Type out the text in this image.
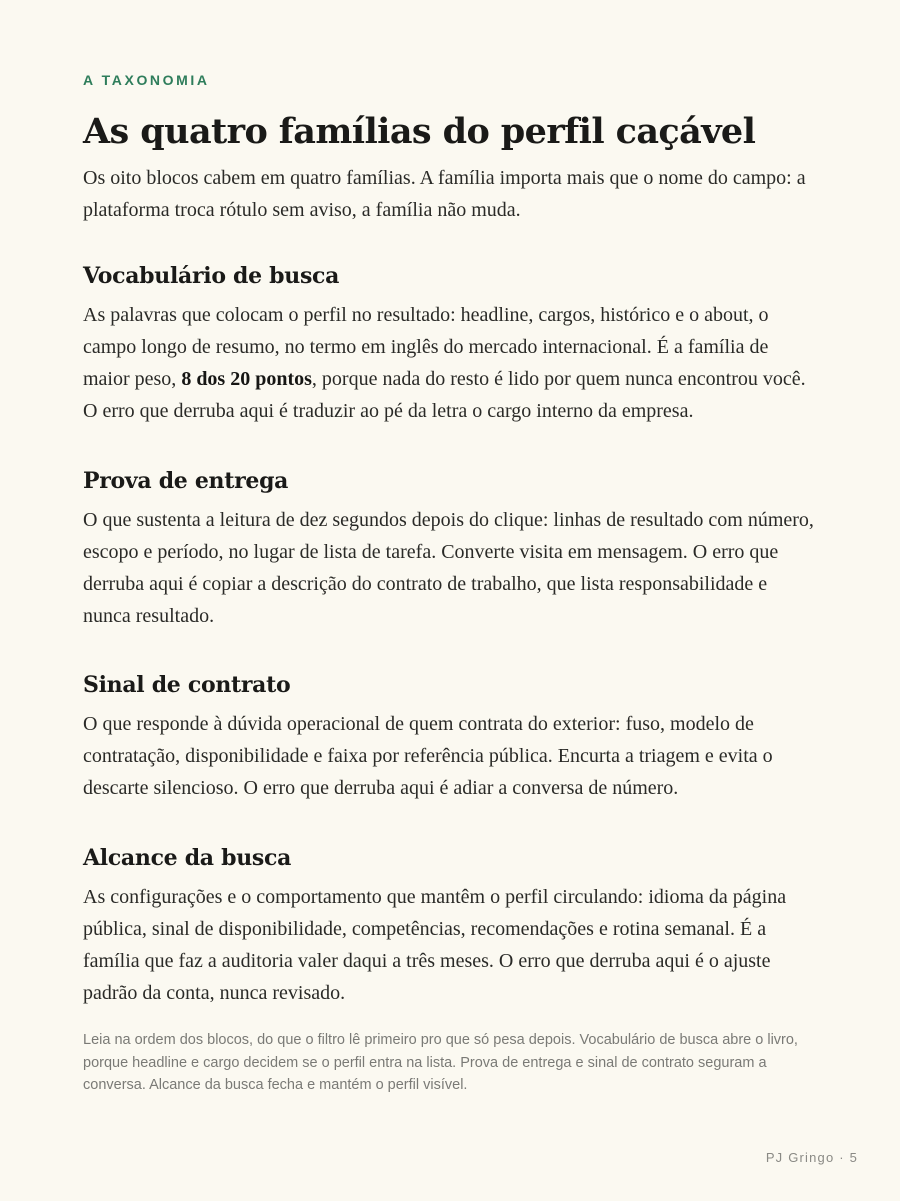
A TAXONOMIA
As quatro famílias do perfil caçável

Os oito blocos cabem em quatro famílias. A família importa mais que o nome do campo: a plataforma troca rótulo sem aviso, a família não muda.

Vocabulário de busca

As palavras que colocam o perfil no resultado: headline, cargos, histórico e o about, o campo longo de resumo, no termo em inglês do mercado internacional. É a família de maior peso, 8 dos 20 pontos, porque nada do resto é lido por quem nunca encontrou você. O erro que derruba aqui é traduzir ao pé da letra o cargo interno da empresa.

Prova de entrega

O que sustenta a leitura de dez segundos depois do clique: linhas de resultado com número, escopo e período, no lugar de lista de tarefa. Converte visita em mensagem. O erro que derruba aqui é copiar a descrição do contrato de trabalho, que lista responsabilidade e nunca resultado.

Sinal de contrato

O que responde à dúvida operacional de quem contrata do exterior: fuso, modelo de contratação, disponibilidade e faixa por referência pública. Encurta a triagem e evita o descarte silencioso. O erro que derruba aqui é adiar a conversa de número.

Alcance da busca

As configurações e o comportamento que mantêm o perfil circulando: idioma da página pública, sinal de disponibilidade, competências, recomendações e rotina semanal. É a família que faz a auditoria valer daqui a três meses. O erro que derruba aqui é o ajuste padrão da conta, nunca revisado.

Leia na ordem dos blocos, do que o filtro lê primeiro pro que só pesa depois. Vocabulário de busca abre o livro, porque headline e cargo decidem se o perfil entra na lista. Prova de entrega e sinal de contrato seguram a conversa. Alcance da busca fecha e mantém o perfil visível.

PJ Gringo · 5
